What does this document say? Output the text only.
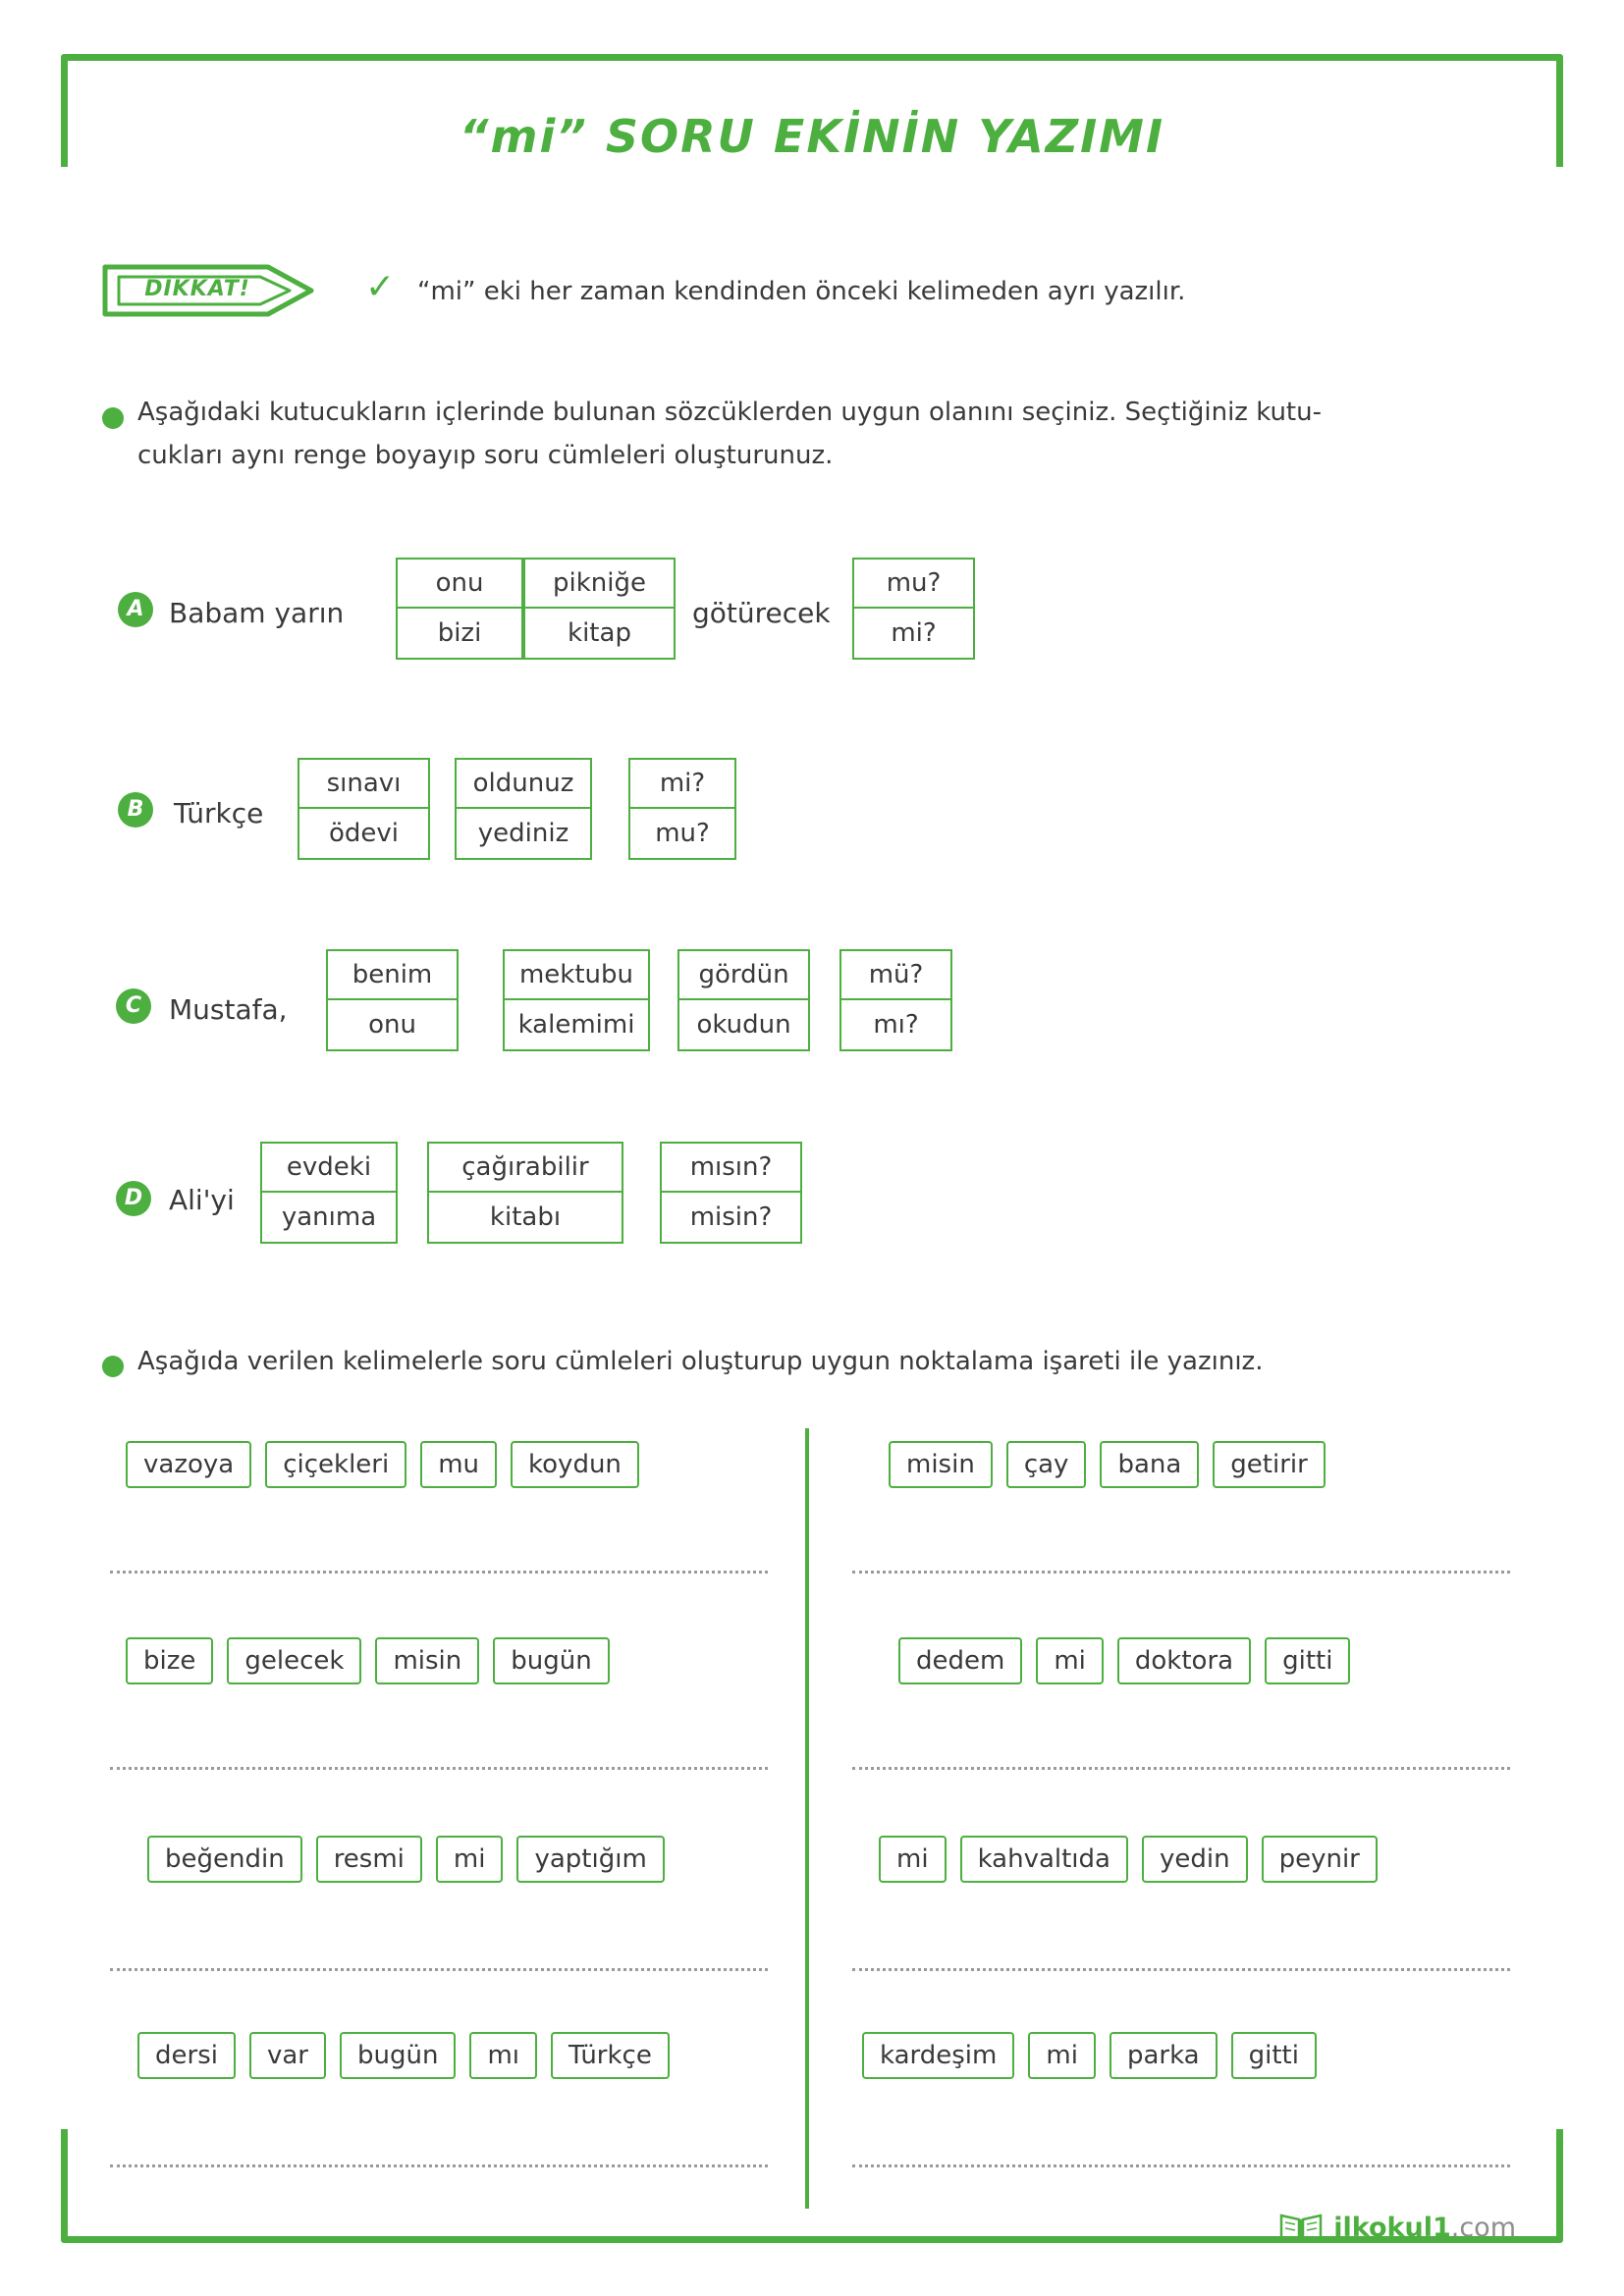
“mi” SORU EKİNİN YAZIMI
DİKKAT!	✓ “mi” eki her zaman kendinden önceki kelimeden ayrı yazılır.
Aşağıdaki kutucukların içlerinde bulunan sözcüklerden uygun olanını seçiniz. Seçtiğiniz kutu-
cukları aynı renge boyayıp soru cümleleri oluşturunuz.
A Babam yarın
onu
bizi
pikniğe
kitap
götürecek
mu?
mi?
B	Türkçe
sınavı
ödevi
oldunuz
yediniz
mi?
mu?
C Mustafa,
benim
onu
mektubu
kalemimi
gördün
okudun
mü?
mı?
D Ali'yi
evdeki
yanıma
çağırabilir
kitabı
mısın?
misin?
Aşağıda verilen kelimelerle soru cümleleri oluşturup uygun noktalama işareti ile yazınız.
vazoya	çiçekleri	mu	koydun
bize	gelecek	misin	bugün
beğendin	resmi	mi	yaptığım
dersi	var	bugün	mı	Türkçe
misin	çay	bana	getirir
dedem	mi	doktora	gitti
mi	kahvaltıda	yedin	peynir
kardeşim	mi	parka	gitti
ilkokul1.com
